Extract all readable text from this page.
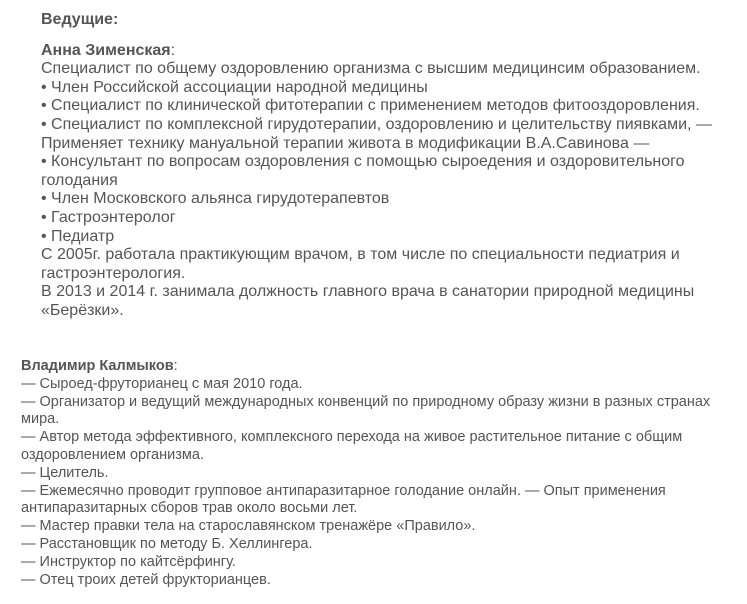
Ведущие:
Анна Зименская:
Специалист по общему оздоровлению организма с высшим медицинсим образованием.
• Член Российской ассоциации народной медицины
• Специалист по клинической фитотерапии с применением методов фитооздоровления.
• Специалист по комплексной гирудотерапии, оздоровлению и целительству пиявками, —
Применяет технику мануальной терапии живота в модификации В.А.Савинова —
• Консультант по вопросам оздоровления с помощью сыроедения и оздоровительного
голодания
• Член Московского альянса гирудотерапевтов
• Гастроэнтеролог
• Педиатр
С 2005г. работала практикующим врачом, в том числе по специальности педиатрия и
гастроэнтерология.
В 2013 и 2014 г. занимала должность главного врача в санатории природной медицины
«Берёзки».
Владимир Калмыков:
— Сыроед-фруторианец с мая 2010 года.
— Организатор и ведущий международных конвенций по природному образу жизни в разных странах
мира.
— Автор метода эффективного, комплексного перехода на живое растительное питание с общим
оздоровлением организма.
— Целитель.
— Ежемесячно проводит групповое антипаразитарное голодание онлайн. — Опыт применения
антипаразитарных сборов трав около восьми лет.
— Мастер правки тела на старославянском тренажёре «Правило».
— Расстановщик по методу Б. Хеллингера.
— Инструктор по кайтсёрфингу.
— Отец троих детей фрукторианцев.
